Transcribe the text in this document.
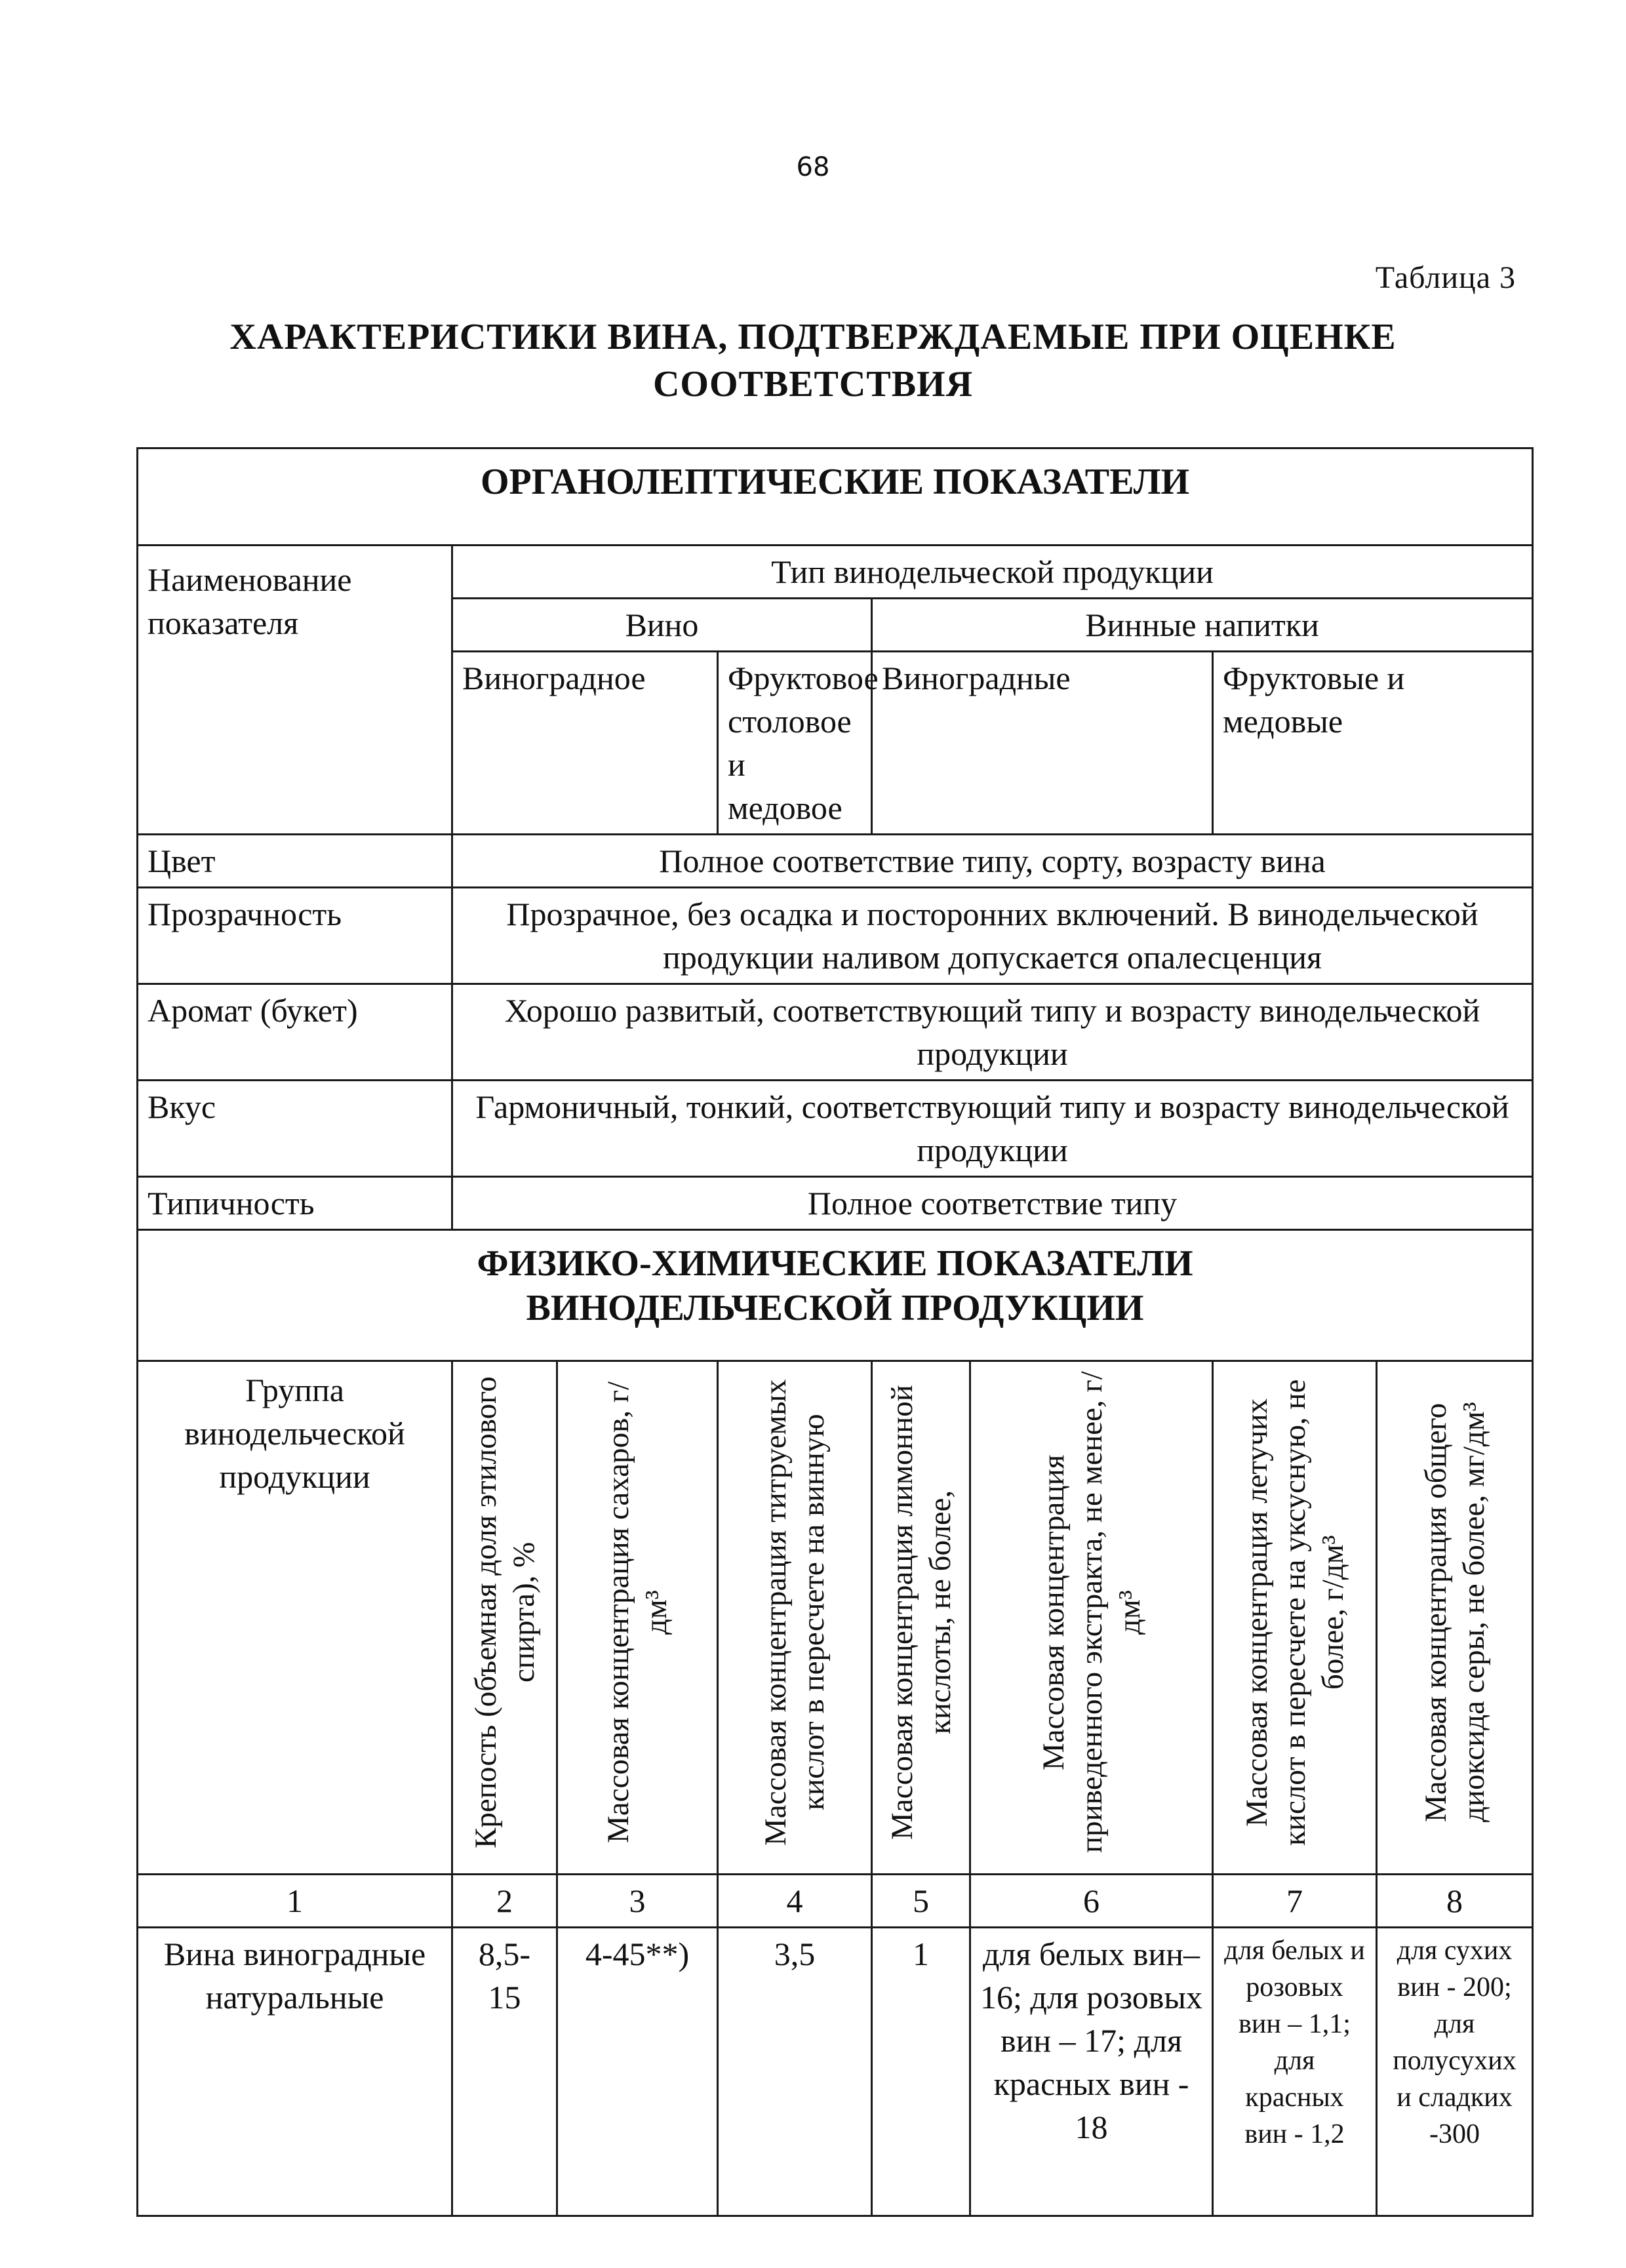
68
Таблица 3
ХАРАКТЕРИСТИКИ ВИНА, ПОДТВЕРЖДАЕМЫЕ ПРИ ОЦЕНКЕ
СООТВЕТСТВИЯ
ОРГАНОЛЕПТИЧЕСКИЕ ПОКАЗАТЕЛИ							
Наименование показателя	Тип винодельческой продукции						
	Вино			Винные напитки			
	Виноградное		Фруктовое столовое и медовое	Виноградные		Фруктовые и медовые	
Цвет	Полное соответствие типу, сорту, возрасту вина						
Прозрачность	Прозрачное, без осадка и посторонних включений. В винодельческой продукции наливом допускается опалесценция						
Аромат (букет)	Хорошо развитый, соответствующий типу и возрасту винодельческой продукции						
Вкус	Гармоничный, тонкий, соответствующий типу и возрасту винодельческой продукции						
Типичность	Полное соответствие типу						
ФИЗИКО-ХИМИЧЕСКИЕ ПОКАЗАТЕЛИ ВИНОДЕЛЬЧЕСКОЙ ПРОДУКЦИИ							
Группа винодельческой продукции	Крепость (объемная доля этилового спирта), %	Массовая концентрация сахаров, г/дм³	Массовая концентрация титруемых кислот в пересчете на винную	Массовая концентрация лимонной кислоты, не более,	Массовая концентрация приведенного экстракта, не менее, г/дм³	Массовая концентрация летучих кислот в пересчете на уксусную, не более, г/дм³	Массовая концентрация общего диоксида серы, не более, мг/дм³
1	2	3	4	5	6	7	8
Вина виноградные натуральные	8,5-15	4-45**)	3,5	1	для белых вин– 16; для розовых вин – 17; для красных вин - 18	для белых и розовых вин – 1,1; для красных вин - 1,2	для сухих вин - 200; для полусухих и сладких -300
